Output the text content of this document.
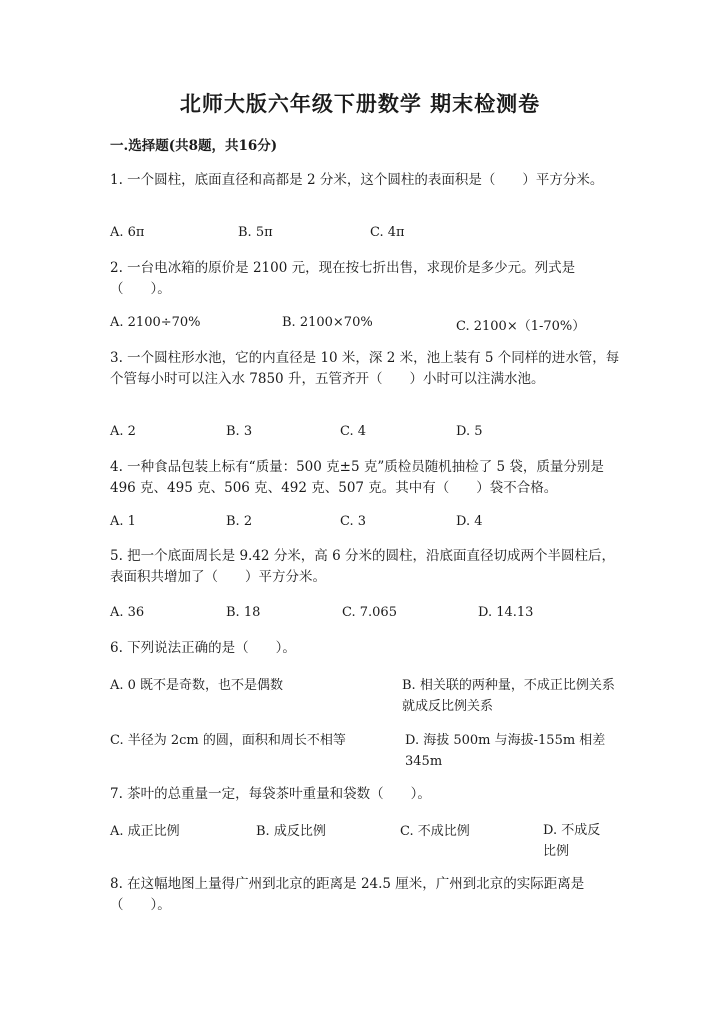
北师大版六年级下册数学 期末检测卷
一.选择题(共8题，共16分)
1. 一个圆柱，底面直径和高都是 2 分米，这个圆柱的表面积是（　　）平方分米。
A. 6π	B. 5π	C. 4π
2. 一台电冰箱的原价是 2100 元，现在按七折出售，求现价是多少元。列式是（　　）。
A. 2100÷70%	B. 2100×70%	C. 2100×（1-70%）
3. 一个圆柱形水池，它的内直径是 10 米，深 2 米，池上装有 5 个同样的进水管，每个管每小时可以注入水 7850 升，五管齐开（　　）小时可以注满水池。
A. 2	B. 3	C. 4	D. 5
4. 一种食品包装上标有“质量：500 克±5 克”质检员随机抽检了 5 袋，质量分别是 496 克、495 克、506 克、492 克、507 克。其中有（　　）袋不合格。
A. 1	B. 2	C. 3	D. 4
5. 把一个底面周长是 9.42 分米，高 6 分米的圆柱，沿底面直径切成两个半圆柱后，表面积共增加了（　　）平方分米。
A. 36	B. 18	C. 7.065	D. 14.13
6. 下列说法正确的是（　　）。
A. 0 既不是奇数，也不是偶数	B. 相关联的两种量，不成正比例关系就成反比例关系
C. 半径为 2cm 的圆，面积和周长不相等	D. 海拔 500m 与海拔-155m 相差 345m
7. 茶叶的总重量一定，每袋茶叶重量和袋数（　　）。
A. 成正比例	B. 成反比例	C. 不成比例	D. 不成反比例
8. 在这幅地图上量得广州到北京的距离是 24.5 厘米，广州到北京的实际距离是（　　）。
